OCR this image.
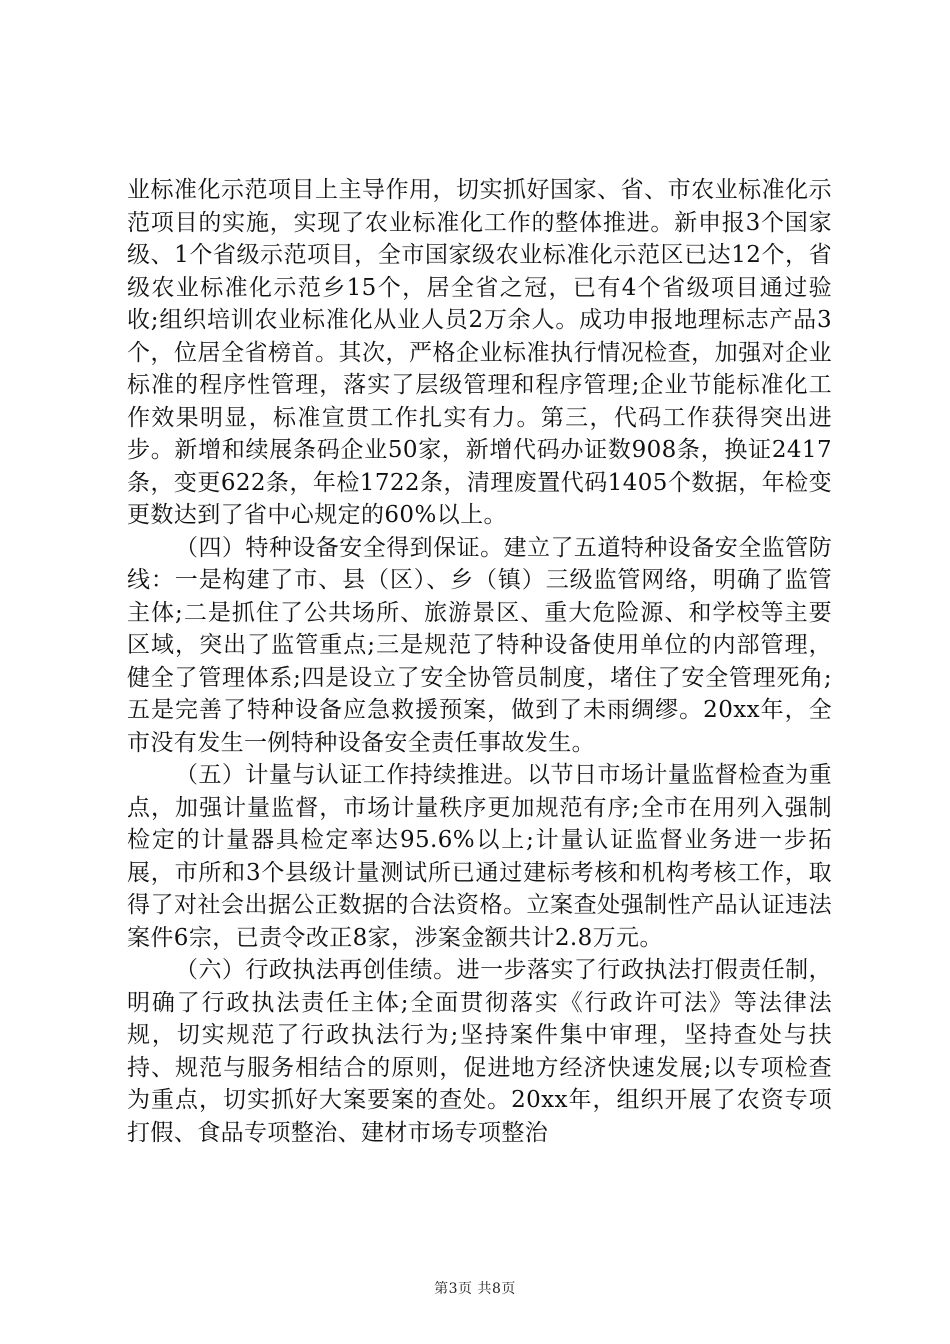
业标准化示范项目上主导作用，切实抓好国家、省、市农业标准化示范项目的实施，实现了农业标准化工作的整体推进。新申报3个国家级、1个省级示范项目，全市国家级农业标准化示范区已达12个，省级农业标准化示范乡15个，居全省之冠，已有4个省级项目通过验收;组织培训农业标准化从业人员2万余人。成功申报地理标志产品3个，位居全省榜首。其次，严格企业标准执行情况检查，加强对企业标准的程序性管理，落实了层级管理和程序管理;企业节能标准化工作效果明显，标准宣贯工作扎实有力。第三，代码工作获得突出进步。新增和续展条码企业50家，新增代码办证数908条，换证2417条，变更622条，年检1722条，清理废置代码1405个数据，年检变更数达到了省中心规定的60%以上。

（四）特种设备安全得到保证。建立了五道特种设备安全监管防线：一是构建了市、县（区）、乡（镇）三级监管网络，明确了监管主体;二是抓住了公共场所、旅游景区、重大危险源、和学校等主要区域，突出了监管重点;三是规范了特种设备使用单位的内部管理，健全了管理体系;四是设立了安全协管员制度，堵住了安全管理死角;五是完善了特种设备应急救援预案，做到了未雨绸缪。20xx年，全市没有发生一例特种设备安全责任事故发生。

（五）计量与认证工作持续推进。以节日市场计量监督检查为重点，加强计量监督，市场计量秩序更加规范有序;全市在用列入强制检定的计量器具检定率达95.6%以上;计量认证监督业务进一步拓展，市所和3个县级计量测试所已通过建标考核和机构考核工作，取得了对社会出据公正数据的合法资格。立案查处强制性产品认证违法案件6宗，已责令改正8家，涉案金额共计2.8万元。

（六）行政执法再创佳绩。进一步落实了行政执法打假责任制，明确了行政执法责任主体;全面贯彻落实《行政许可法》等法律法规，切实规范了行政执法行为;坚持案件集中审理，坚持查处与扶持、规范与服务相结合的原则，促进地方经济快速发展;以专项检查为重点，切实抓好大案要案的查处。20xx年，组织开展了农资专项打假、食品专项整治、建材市场专项整治

第3页 共8页
